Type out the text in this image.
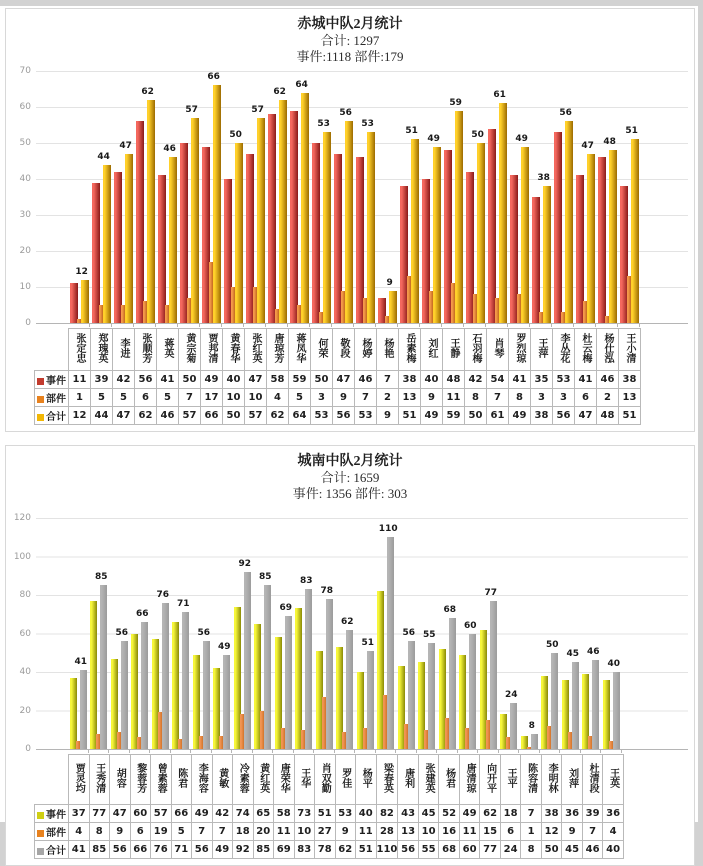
赤城中队2月统计
合计: 1297
事件:1118 部件:179
0
10
20
30
40
50
60
70
12
44
47
62
46
57
66
50
57
62
64
53
56
53
9
51
49
59
50
61
49
38
56
47 48
51
	张定忠	郑瑰英	李进	张顺芳	蒋英	黄宗菊	贾邦清	黄春华	张红英	唐琼芳	蒋凤华	何荣	敬段	杨婷	杨艳	岳素梅	刘红	王静	石羽梅	肖琴	罗烈琼	王萍	李丛花	杜云梅	杨仕泓	王小清
事件	11	39	42	56	41	50	49	40	47	58	59	50	47	46	7	38	40	48	42	54	41	35	53	41	46	38
部件	1	5	5	6	5	7	17	10	10	4	5	3	9	7	2	13	9	11	8	7	8	3	3	6	2	13
合计	12	44	47	62	46	57	66	50	57	62	64	53	56	53	9	51	49	59	50	61	49	38	56	47	48	51
城南中队2月统计
合计: 1659
事件: 1356 部件: 303
0
20
40
60
80
100
120
41
85
56
66
76
71
56
49
92
85
69
83
78
62
51
110
56 55
68
60
77
24
8
50
45 46
40
	贾灵均	王秀清	胡容	黎蓉芳	曾素蓉	陈君	李海容	黄敏	冷素蓉	黄红英	唐荣华	王华	肖双勤	罗佳	杨平	梁春英	唐利	张建英	杨君	唐清琼	向开平	王平	陈容清	李明林	刘萍	杜清段	王英
事件	37	77	47	60	57	66	49	42	74	65	58	73	51	53	40	82	43	45	52	49	62	18	7	38	36	39	36
部件	4	8	9	6	19	5	7	7	18	20	11	10	27	9	11	28	13	10	16	11	15	6	1	12	9	7	4
合计	41	85	56	66	76	71	56	49	92	85	69	83	78	62	51	110	56	55	68	60	77	24	8	50	45	46	40
